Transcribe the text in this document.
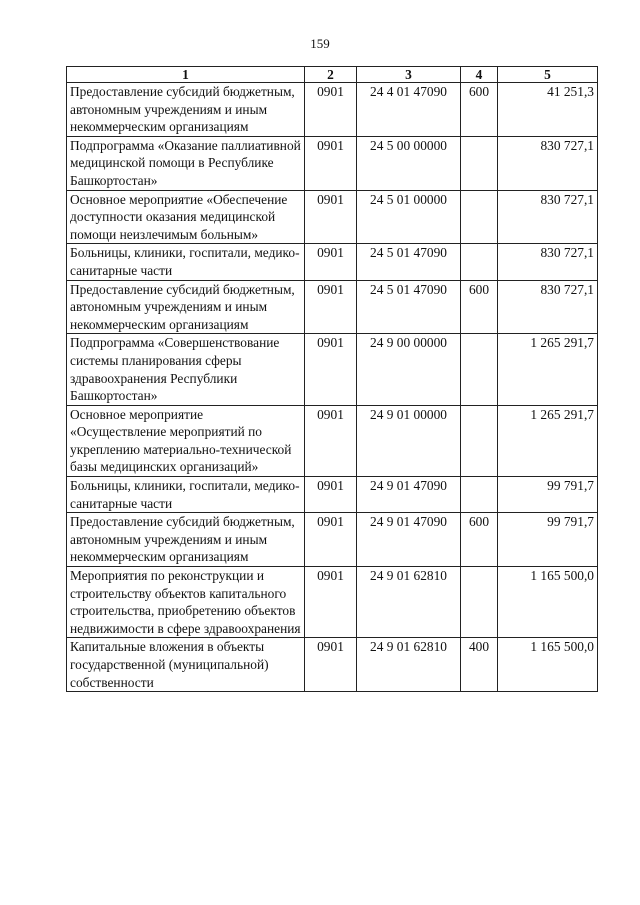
159
1	2	3	4	5
Предоставление субсидий бюджетным, автономным учреждениям и иным некоммерческим организациям	0901	24 4 01 47090	600	41 251,3
Подпрограмма «Оказание паллиативной медицинской помощи в Республике Башкортостан»	0901	24 5 00 00000		830 727,1
Основное мероприятие «Обеспечение доступности оказания медицинской помощи неизлечимым больным»	0901	24 5 01 00000		830 727,1
Больницы, клиники, госпитали, медико-санитарные части	0901	24 5 01 47090		830 727,1
Предоставление субсидий бюджетным, автономным учреждениям и иным некоммерческим организациям	0901	24 5 01 47090	600	830 727,1
Подпрограмма «Совершенствование системы планирования сферы здравоохранения Республики Башкортостан»	0901	24 9 00 00000		1 265 291,7
Основное мероприятие «Осуществление мероприятий по укреплению материально-технической базы медицинских организаций»	0901	24 9 01 00000		1 265 291,7
Больницы, клиники, госпитали, медико-санитарные части	0901	24 9 01 47090		99 791,7
Предоставление субсидий бюджетным, автономным учреждениям и иным некоммерческим организациям	0901	24 9 01 47090	600	99 791,7
Мероприятия по реконструкции и строительству объектов капитального строительства, приобретению объектов недвижимости в сфере здравоохранения	0901	24 9 01 62810		1 165 500,0
Капитальные вложения в объекты государственной (муниципальной) собственности	0901	24 9 01 62810	400	1 165 500,0
